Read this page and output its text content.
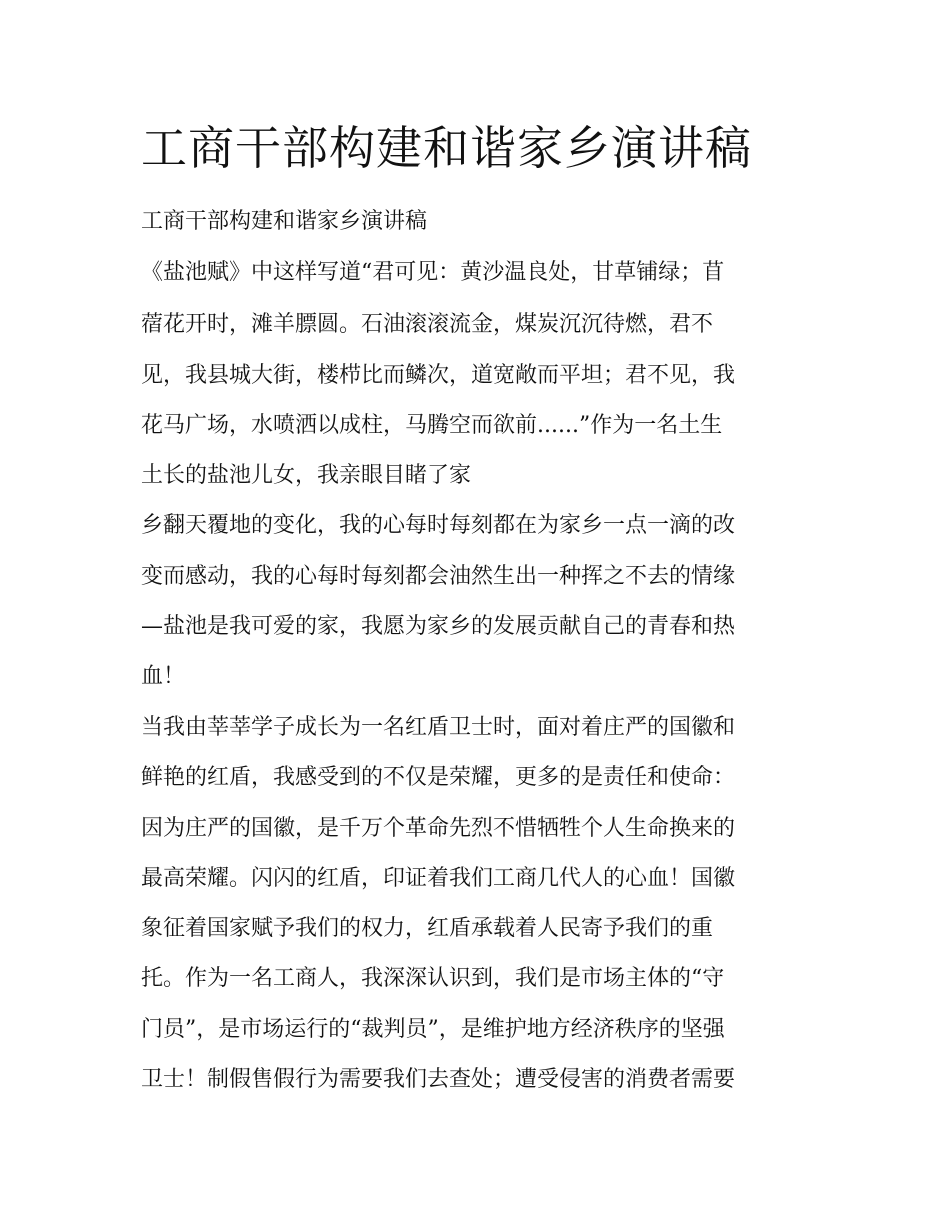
工商干部构建和谐家乡演讲稿
工商干部构建和谐家乡演讲稿
《盐池赋》中这样写道“君可见：黄沙温良处，甘草铺绿；苜
蓿花开时，滩羊膘圆。石油滚滚流金，煤炭沉沉待燃，君不
见，我县城大街，楼栉比而鳞次，道宽敞而平坦；君不见，我
花马广场，水喷洒以成柱，马腾空而欲前......”作为一名土生
土长的盐池儿女，我亲眼目睹了家
乡翻天覆地的变化，我的心每时每刻都在为家乡一点一滴的改
变而感动，我的心每时每刻都会油然生出一种挥之不去的情缘
—盐池是我可爱的家，我愿为家乡的发展贡献自己的青春和热
血！
当我由莘莘学子成长为一名红盾卫士时，面对着庄严的国徽和
鲜艳的红盾，我感受到的不仅是荣耀，更多的是责任和使命：
因为庄严的国徽，是千万个革命先烈不惜牺牲个人生命换来的
最高荣耀。闪闪的红盾，印证着我们工商几代人的心血！国徽
象征着国家赋予我们的权力，红盾承载着人民寄予我们的重
托。作为一名工商人，我深深认识到，我们是市场主体的“守
门员”，是市场运行的“裁判员”，是维护地方经济秩序的坚强
卫士！制假售假行为需要我们去查处；遭受侵害的消费者需要
